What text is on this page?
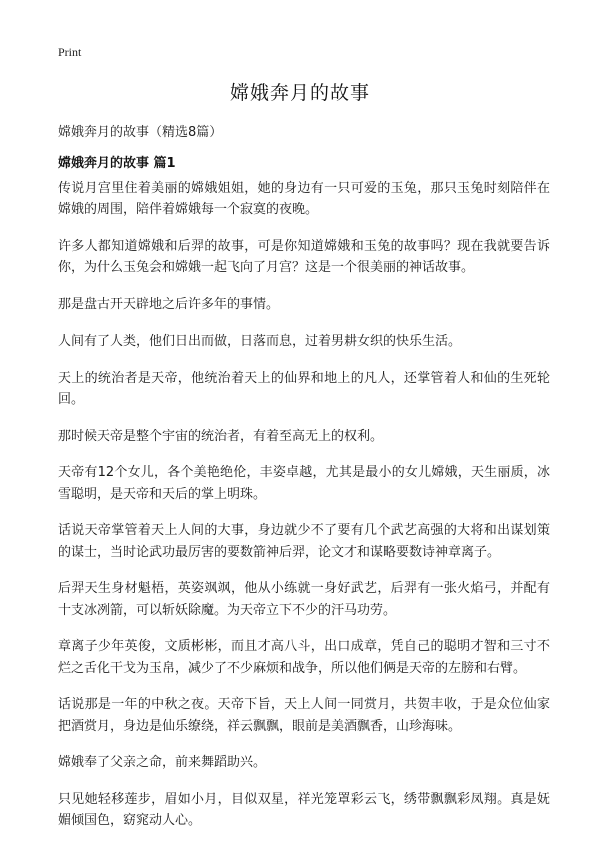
Print
嫦娥奔月的故事
嫦娥奔月的故事（精选8篇）
嫦娥奔月的故事 篇1

传说月宫里住着美丽的嫦娥姐姐，她的身边有一只可爱的玉兔，那只玉兔时刻陪伴在嫦娥的周围，陪伴着嫦娥每一个寂寞的夜晚。

许多人都知道嫦娥和后羿的故事，可是你知道嫦娥和玉兔的故事吗？现在我就要告诉你，为什么玉兔会和嫦娥一起飞向了月宫？这是一个很美丽的神话故事。

那是盘古开天辟地之后许多年的事情。

人间有了人类，他们日出而做，日落而息，过着男耕女织的快乐生活。

天上的统治者是天帝，他统治着天上的仙界和地上的凡人，还掌管着人和仙的生死轮回。

那时候天帝是整个宇宙的统治者，有着至高无上的权利。

天帝有12个女儿，各个美艳绝伦，丰姿卓越，尤其是最小的女儿嫦娥，天生丽质，冰雪聪明，是天帝和天后的掌上明珠。

话说天帝掌管着天上人间的大事，身边就少不了要有几个武艺高强的大将和出谋划策的谋士，当时论武功最厉害的要数箭神后羿，论文才和谋略要数诗神章离子。

后羿天生身材魁梧，英姿飒飒，他从小练就一身好武艺，后羿有一张火焰弓，并配有十支冰冽箭，可以斩妖除魔。为天帝立下不少的汗马功劳。

章离子少年英俊，文质彬彬，而且才高八斗，出口成章，凭自己的聪明才智和三寸不烂之舌化干戈为玉帛，减少了不少麻烦和战争，所以他们俩是天帝的左膀和右臂。

话说那是一年的中秋之夜。天帝下旨，天上人间一同赏月，共贺丰收，于是众位仙家把酒赏月，身边是仙乐缭绕，祥云飘飘，眼前是美酒飘香，山珍海味。

嫦娥奉了父亲之命，前来舞蹈助兴。

只见她轻移莲步，眉如小月，目似双星，祥光笼罩彩云飞，绣带飘飘彩凤翔。真是妩媚倾国色，窈窕动人心。
